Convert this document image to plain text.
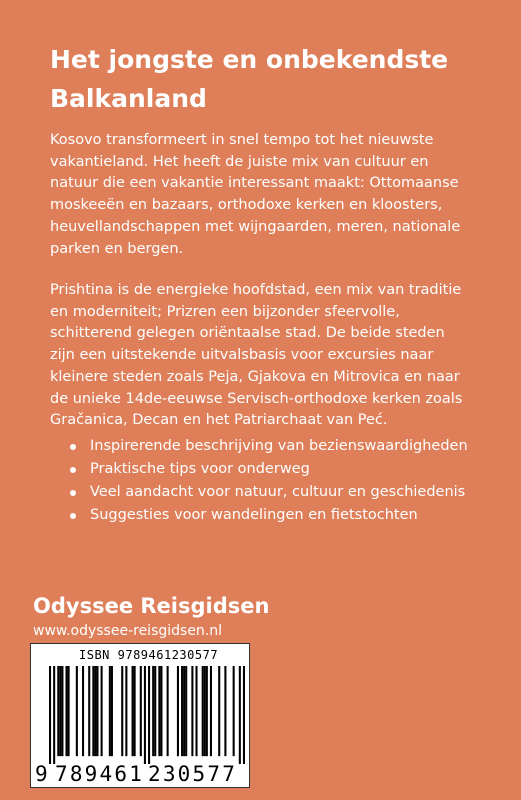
Het jongste en onbekendste
Balkanland

Kosovo transformeert in snel tempo tot het nieuwste vakantieland. Het heeft de juiste mix van cultuur en natuur die een vakantie interessant maakt: Ottomaanse moskeeën en bazaars, orthodoxe kerken en kloosters, heuvellandschappen met wijngaarden, meren, nationale parken en bergen.

Prishtina is de energieke hoofdstad, een mix van traditie en moderniteit; Prizren een bijzonder sfeervolle, schitterend gelegen oriëntaalse stad. De beide steden zijn een uitstekende uitvalsbasis voor excursies naar kleinere steden zoals Peja, Gjakova en Mitrovica en naar de unieke 14de-eeuwse Servisch-orthodoxe kerken zoals Gračanica, Decan en het Patriarchaat van Peć.

Inspirerende beschrijving van bezienswaardigheden
Praktische tips voor onderweg
Veel aandacht voor natuur, cultuur en geschiedenis
Suggesties voor wandelingen en fietstochten
Odyssee Reisgidsen
www.odyssee-reisgidsen.nl
ISBN 9789461230577
9 789461 230577
